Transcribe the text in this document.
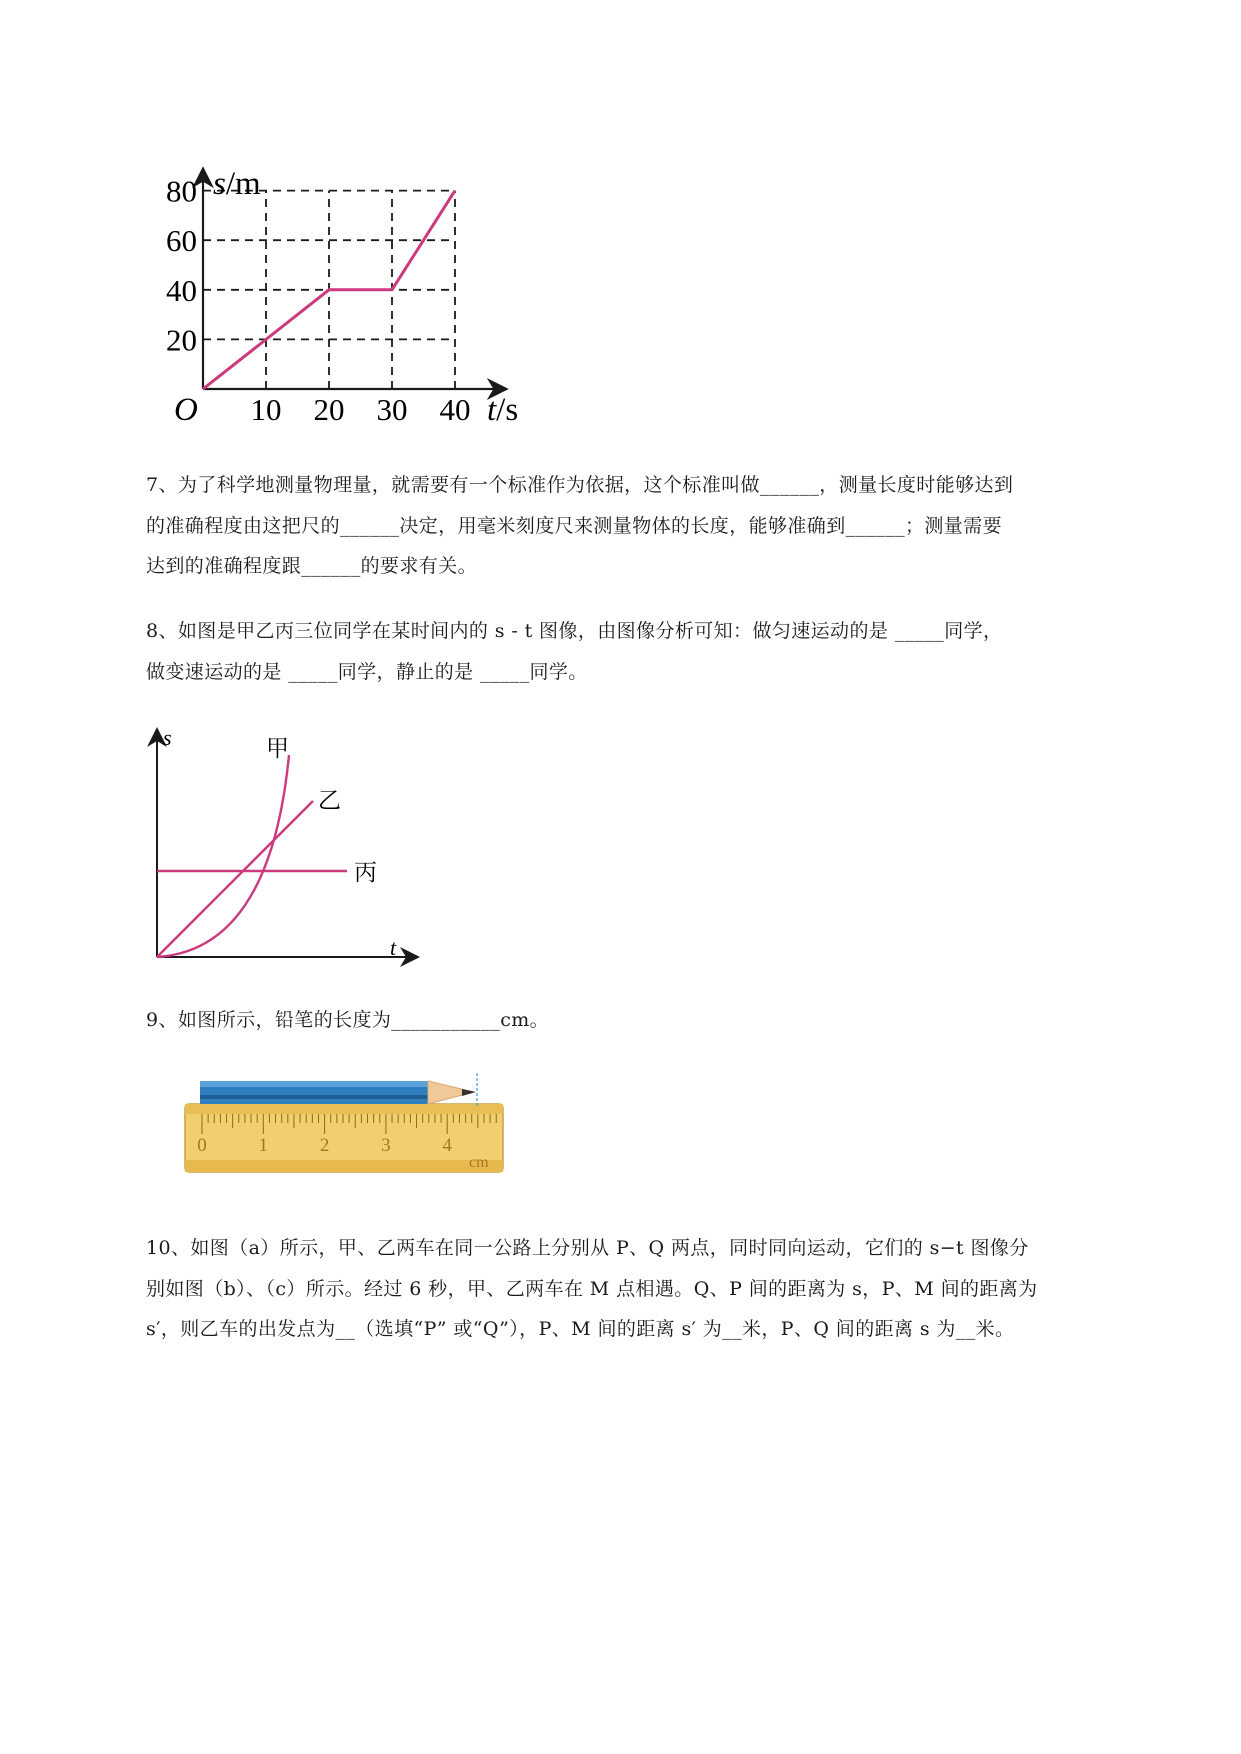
10 20 30 40
20
40
60
80 s/m
t/s
O
7、为了科学地测量物理量，就需要有一个标准作为依据，这个标准叫做______，测量长度时能够达到
的准确程度由这把尺的______决定，用毫米刻度尺来测量物体的长度，能够准确到______；测量需要
达到的准确程度跟______的要求有关。
8、如图是甲乙丙三位同学在某时间内的 s - t 图像，由图像分析可知：做匀速运动的是 _____同学，
做变速运动的是 _____同学，静止的是 _____同学。
s
t
甲
乙
丙
9、如图所示，铅笔的长度为___________cm。
0	1	2	3	4
cm
10、如图（a）所示，甲、乙两车在同一公路上分别从 P、Q 两点，同时同向运动，它们的 s−t 图像分
别如图（b）、（c）所示。经过 6 秒，甲、乙两车在 M 点相遇。Q、P 间的距离为 s，P、M 间的距离为
s′，则乙车的出发点为__（选填“P” 或“Q”），P、M 间的距离 s′ 为__米，P、Q 间的距离 s 为__米。
